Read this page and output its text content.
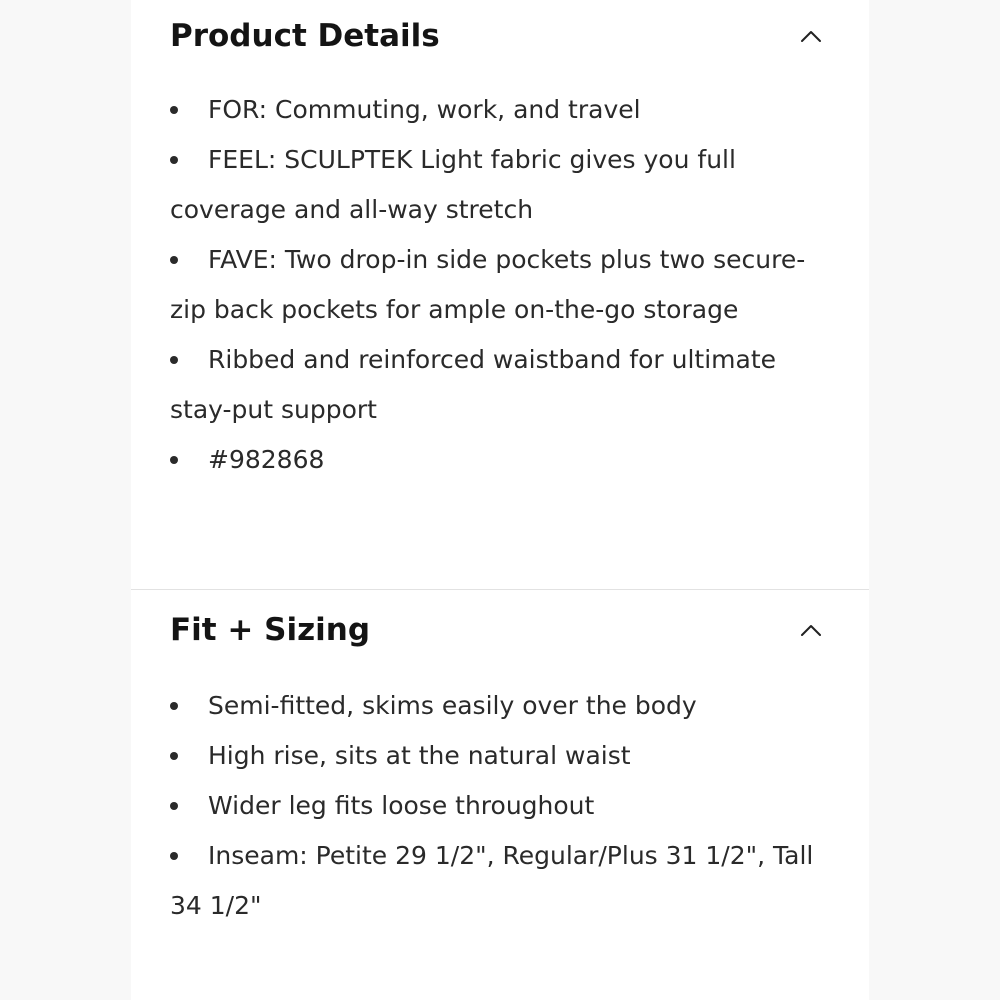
Product Details
FOR: Commuting, work, and travel
FEEL: SCULPTEK Light fabric gives you full coverage and all-way stretch
FAVE: Two drop-in side pockets plus two secure-zip back pockets for ample on-the-go storage
Ribbed and reinforced waistband for ultimate stay-put support
#982868
Fit + Sizing
Semi-fitted, skims easily over the body
High rise, sits at the natural waist
Wider leg fits loose throughout
Inseam: Petite 29 1/2", Regular/Plus 31 1/2", Tall 34 1/2"
